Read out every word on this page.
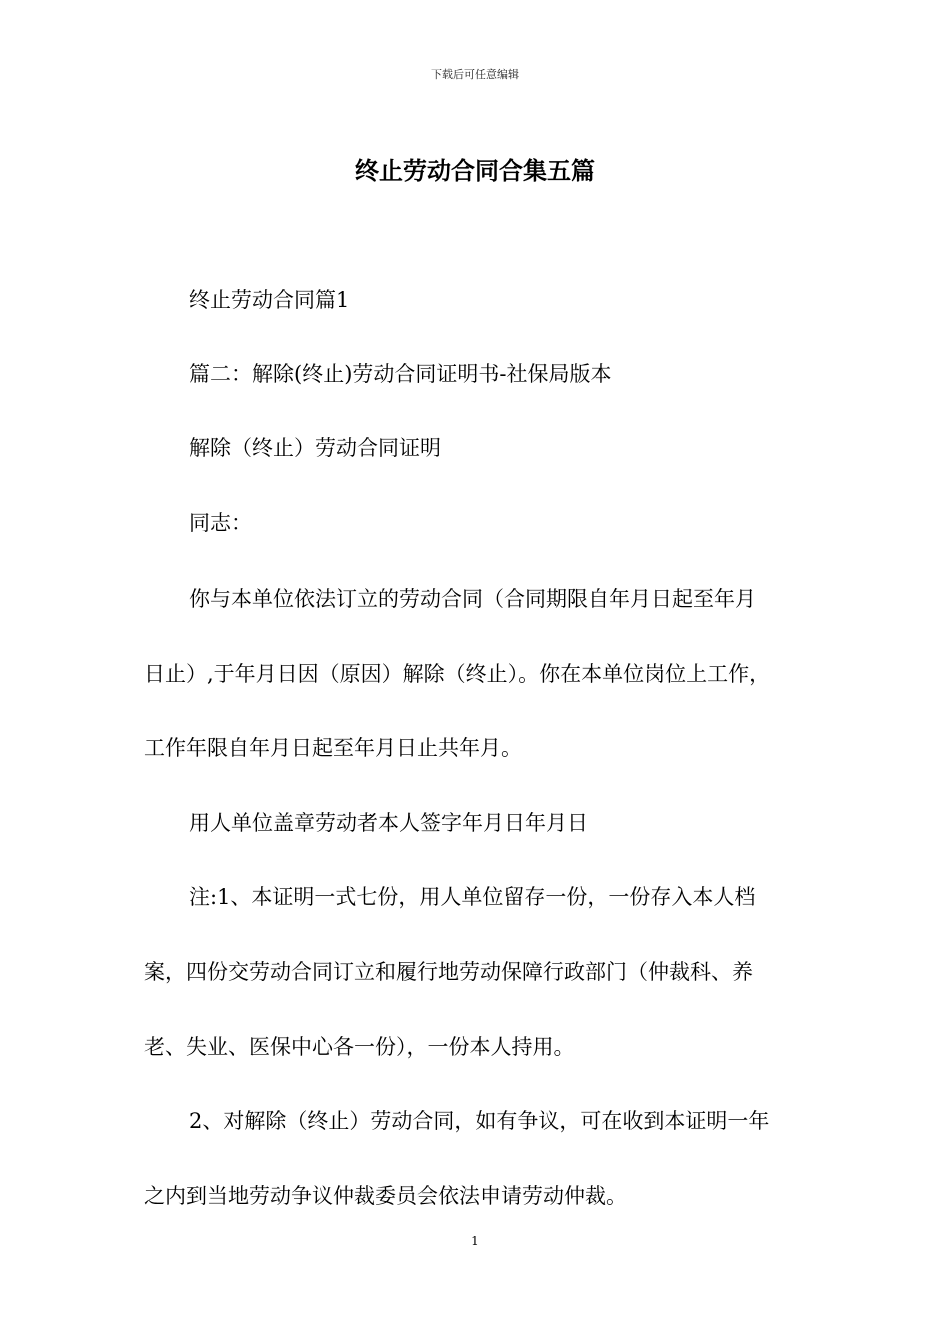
下载后可任意编辑
终止劳动合同合集五篇
终止劳动合同篇1
篇二：解除(终止)劳动合同证明书-社保局版本
解除（终止）劳动合同证明
同志：
你与本单位依法订立的劳动合同（合同期限自年月日起至年月
日止）,于年月日因（原因）解除（终止）。你在本单位岗位上工作，
工作年限自年月日起至年月日止共年月。
用人单位盖章劳动者本人签字年月日年月日
注:1、本证明一式七份，用人单位留存一份，一份存入本人档
案，四份交劳动合同订立和履行地劳动保障行政部门（仲裁科、养
老、失业、医保中心各一份），一份本人持用。
2、对解除（终止）劳动合同，如有争议，可在收到本证明一年
之内到当地劳动争议仲裁委员会依法申请劳动仲裁。
1
